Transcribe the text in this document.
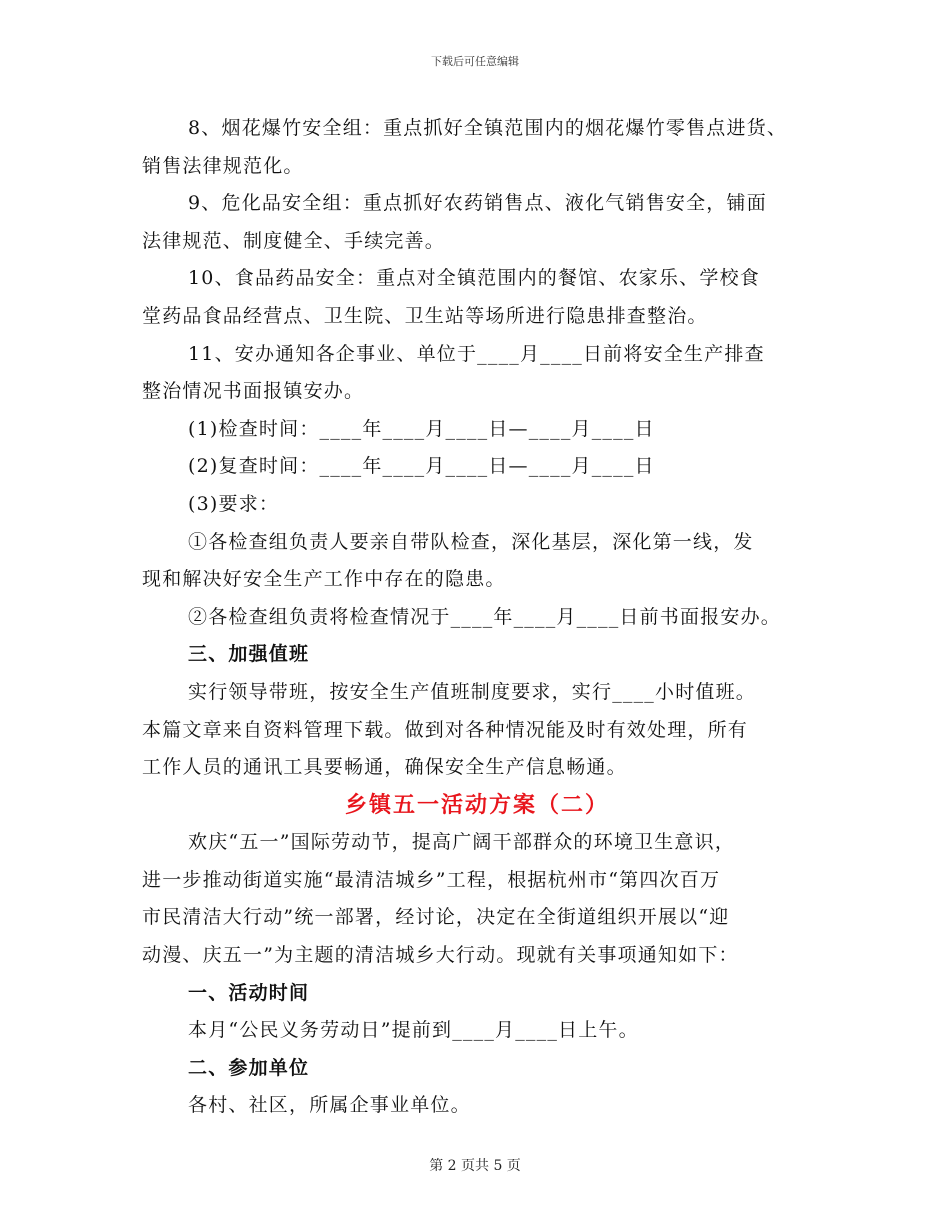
下载后可任意编辑

8、烟花爆竹安全组：重点抓好全镇范围内的烟花爆竹零售点进货、

销售法律规范化。

9、危化品安全组：重点抓好农药销售点、液化气销售安全，铺面

法律规范、制度健全、手续完善。

10、食品药品安全：重点对全镇范围内的餐馆、农家乐、学校食

堂药品食品经营点、卫生院、卫生站等场所进行隐患排查整治。

11、安办通知各企事业、单位于____月____日前将安全生产排查

整治情况书面报镇安办。

(1)检查时间：____年____月____日—____月____日

(2)复查时间：____年____月____日—____月____日

(3)要求：

①各检查组负责人要亲自带队检查，深化基层，深化第一线，发

现和解决好安全生产工作中存在的隐患。

②各检查组负责将检查情况于____年____月____日前书面报安办。

三、加强值班

实行领导带班，按安全生产值班制度要求，实行____小时值班。

本篇文章来自资料管理下载。做到对各种情况能及时有效处理，所有

工作人员的通讯工具要畅通，确保安全生产信息畅通。

乡镇五一活动方案（二）

欢庆“五一”国际劳动节，提高广阔干部群众的环境卫生意识，

进一步推动街道实施“最清洁城乡”工程，根据杭州市“第四次百万

市民清洁大行动”统一部署，经讨论，决定在全街道组织开展以“迎

动漫、庆五一”为主题的清洁城乡大行动。现就有关事项通知如下：

一、活动时间

本月“公民义务劳动日”提前到____月____日上午。

二、参加单位

各村、社区，所属企事业单位。

第 2 页共 5 页
